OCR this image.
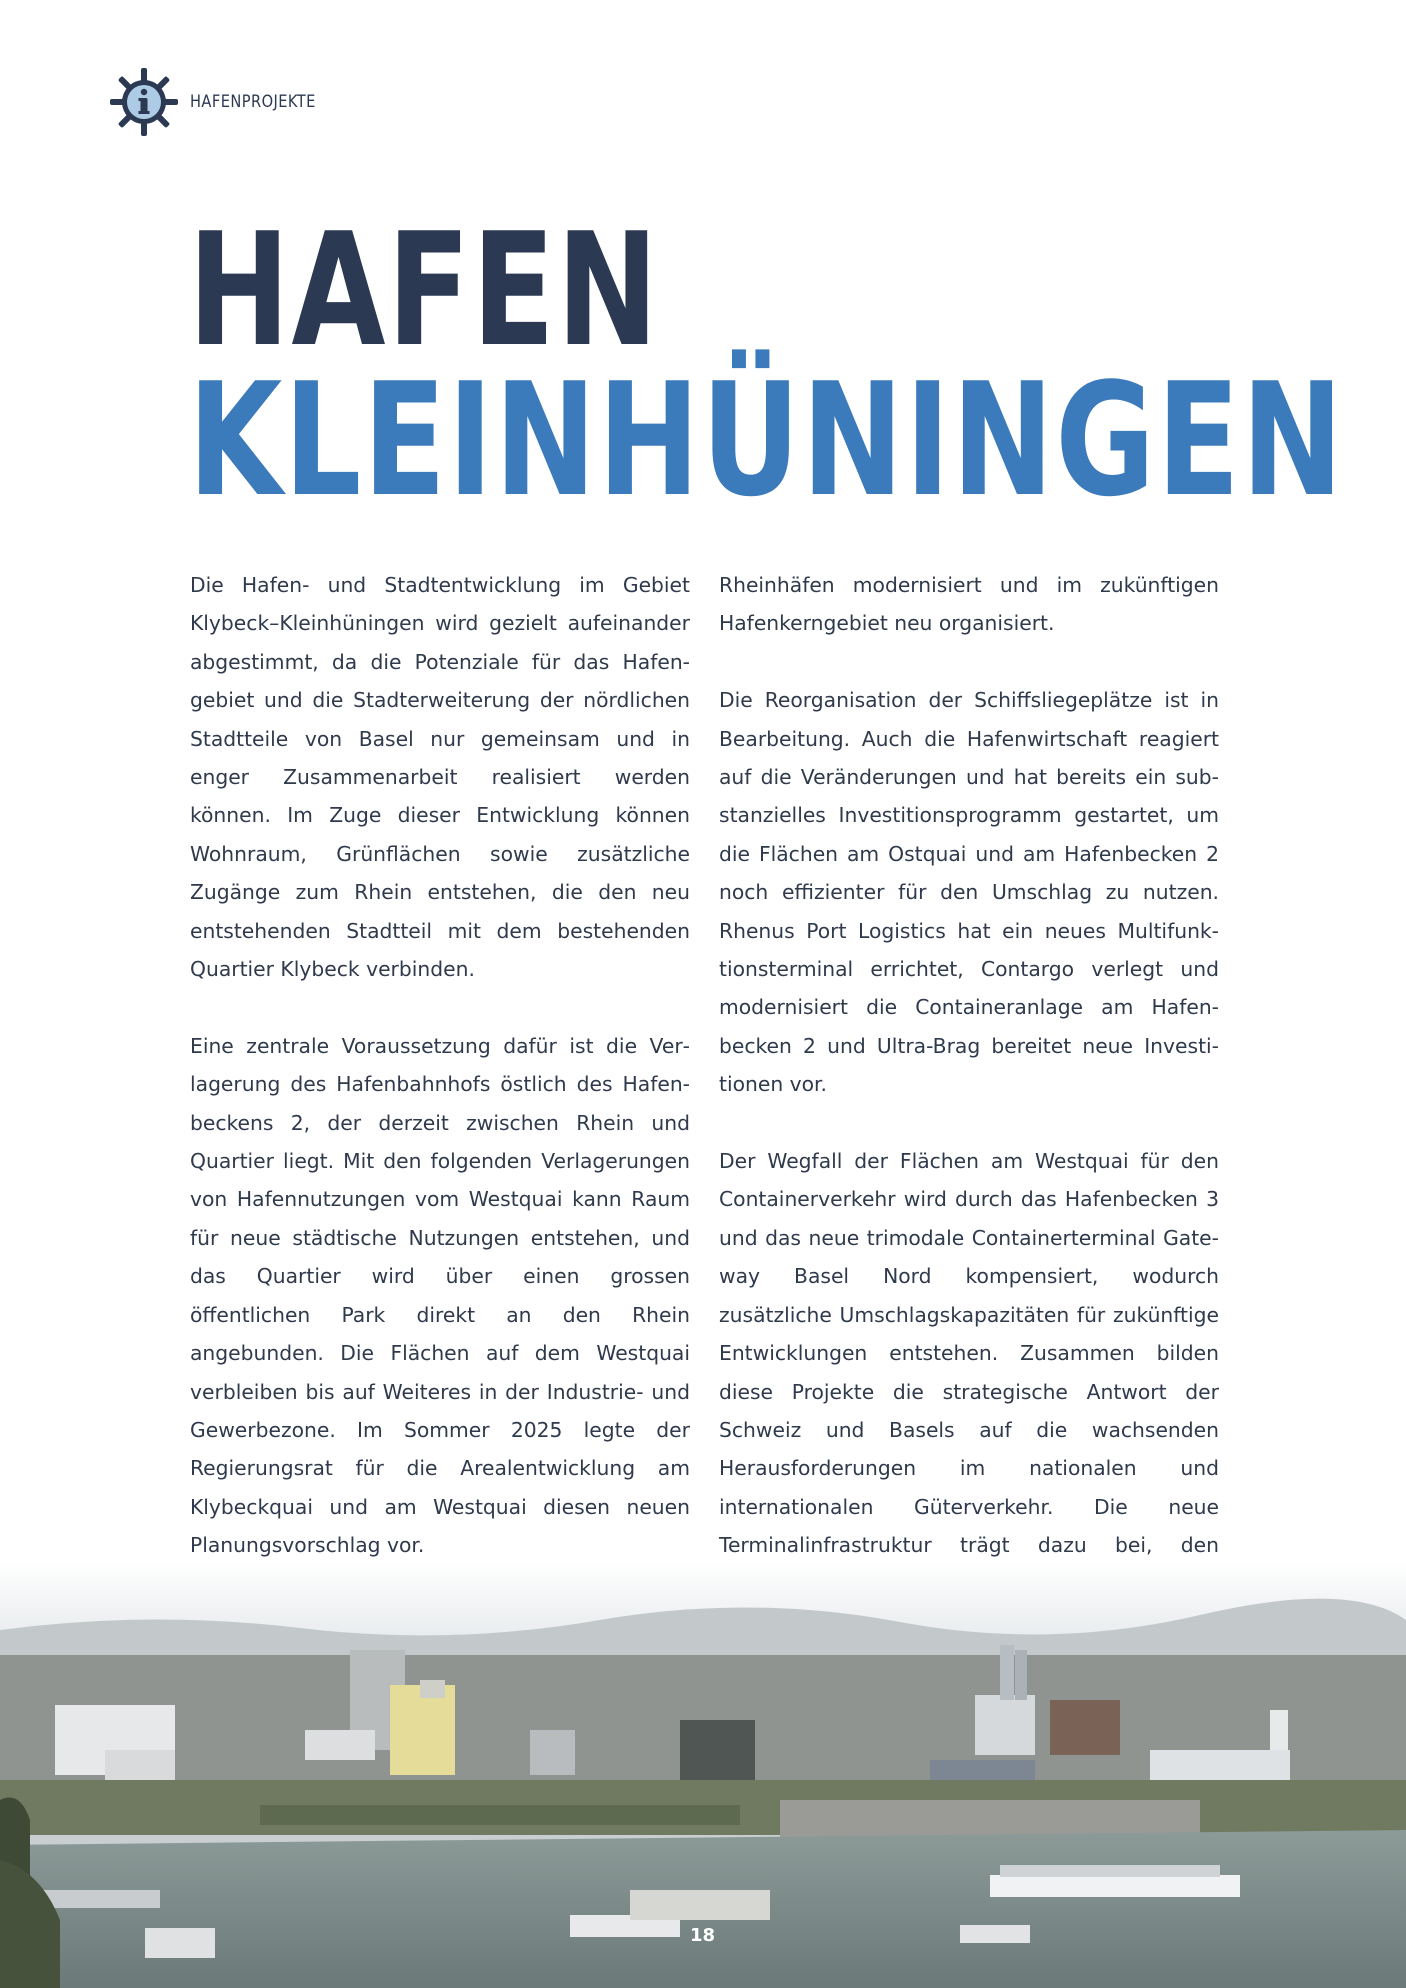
HAFENPROJEKTE
HAFEN
KLEINHÜNINGEN

Die Hafen- und Stadtentwicklung im Gebiet Klybeck–Kleinhüningen wird gezielt aufeinander abgestimmt, da die Potenziale für das Hafengebiet und die Stadterweiterung der nördlichen Stadtteile von Basel nur gemeinsam und in enger Zusammenarbeit realisiert werden können. Im Zuge dieser Entwicklung können Wohnraum, Grünflächen sowie zusätzliche Zugänge zum Rhein entstehen, die den neu entstehenden Stadtteil mit dem bestehenden Quartier Klybeck verbinden.

Eine zentrale Voraussetzung dafür ist die Verlagerung des Hafenbahnhofs östlich des Hafenbeckens 2, der derzeit zwischen Rhein und Quartier liegt. Mit den folgenden Verlagerungen von Hafennutzungen vom Westquai kann Raum für neue städtische Nutzungen entstehen, und das Quartier wird über einen grossen öffentlichen Park direkt an den Rhein angebunden. Die Flächen auf dem Westquai verbleiben bis auf Weiteres in der Industrie- und Gewerbezone. Im Sommer 2025 legte der Regierungsrat für die Arealentwicklung am Klybeckquai und am Westquai diesen neuen Planungsvorschlag vor.

Rheinhäfen modernisiert und im zukünftigen Hafenkerngebiet neu organisiert.

Die Reorganisation der Schiffsliegeplätze ist in Bearbeitung. Auch die Hafenwirtschaft reagiert auf die Veränderungen und hat bereits ein substanzielles Investitionsprogramm gestartet, um die Flächen am Ostquai und am Hafenbecken 2 noch effizienter für den Umschlag zu nutzen. Rhenus Port Logistics hat ein neues Multifunktionsterminal errichtet, Contargo verlegt und modernisiert die Containeranlage am Hafenbecken 2 und Ultra-Brag bereitet neue Investitionen vor.

Der Wegfall der Flächen am Westquai für den Containerverkehr wird durch das Hafenbecken 3 und das neue trimodale Containerterminal Gateway Basel Nord kompensiert, wodurch zusätzliche Umschlagskapazitäten für zukünftige Entwicklungen entstehen. Zusammen bilden diese Projekte die strategische Antwort der Schweiz und Basels auf die wachsenden Herausforderungen im nationalen und internationalen Güterverkehr. Die neue Terminalinfrastruktur trägt dazu bei, den

18
